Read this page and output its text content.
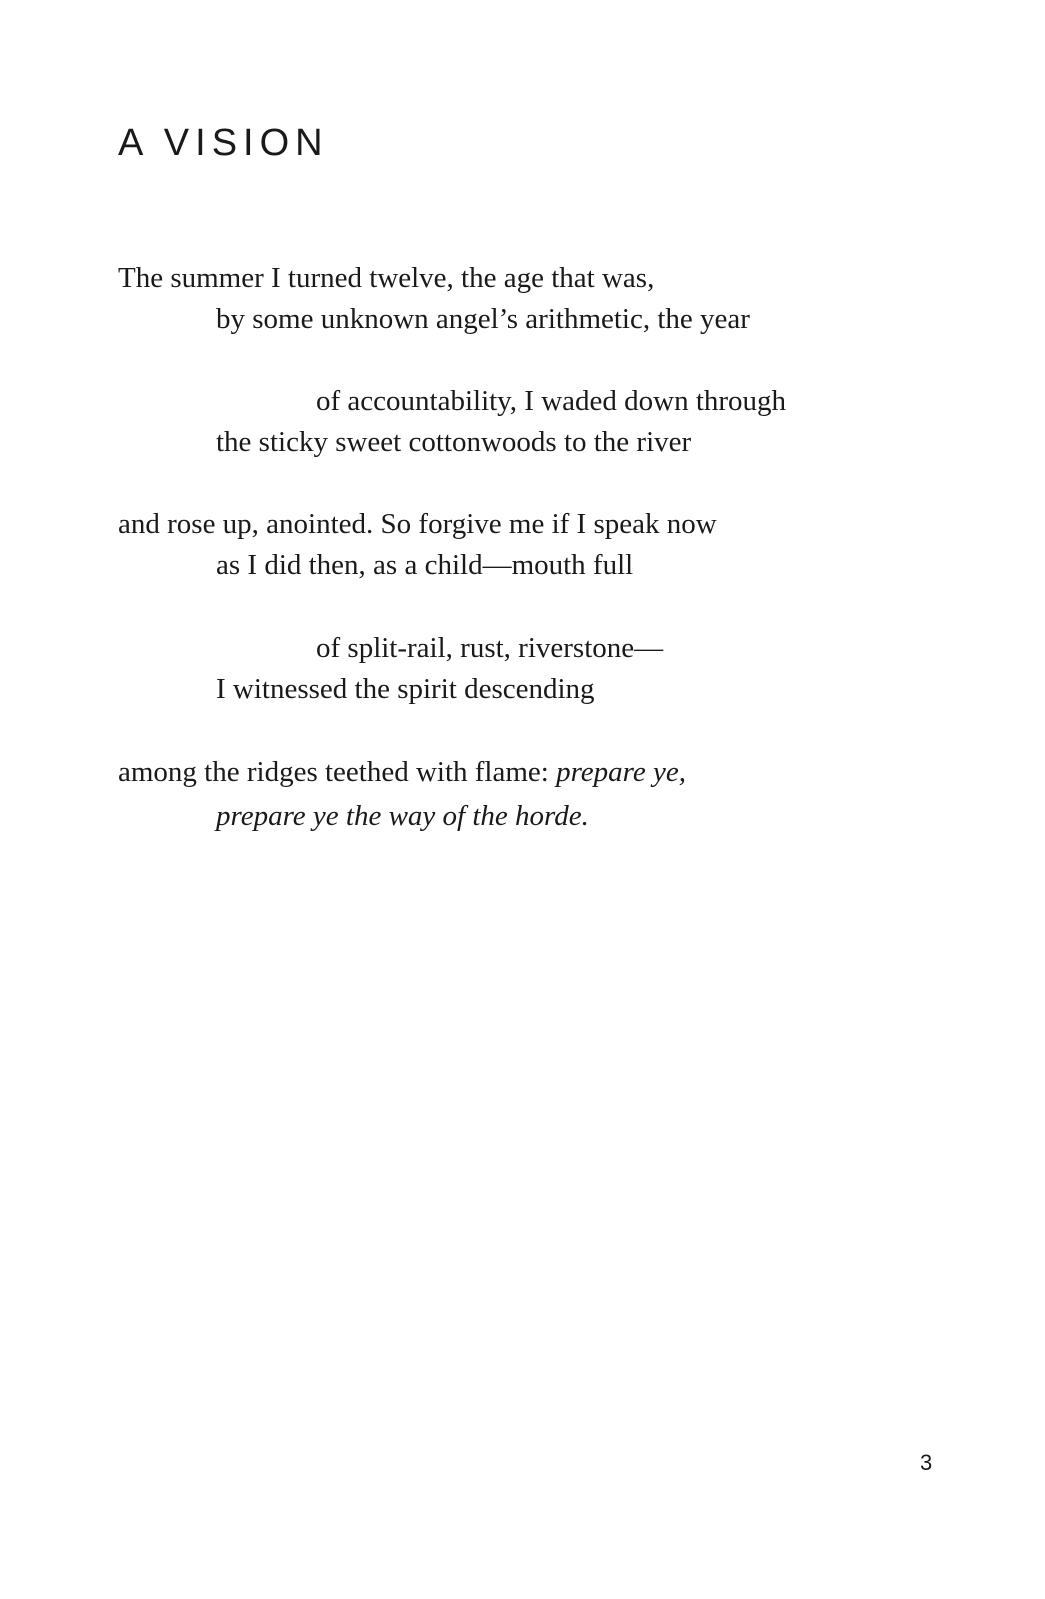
A VISION
The summer I turned twelve, the age that was,
by some unknown angel’s arithmetic, the year
of accountability, I waded down through
the sticky sweet cottonwoods to the river
and rose up, anointed. So forgive me if I speak now
as I did then, as a child—mouth full
of split-rail, rust, riverstone—
I witnessed the spirit descending
among the ridges teethed with flame: prepare ye,
prepare ye the way of the horde.
3
